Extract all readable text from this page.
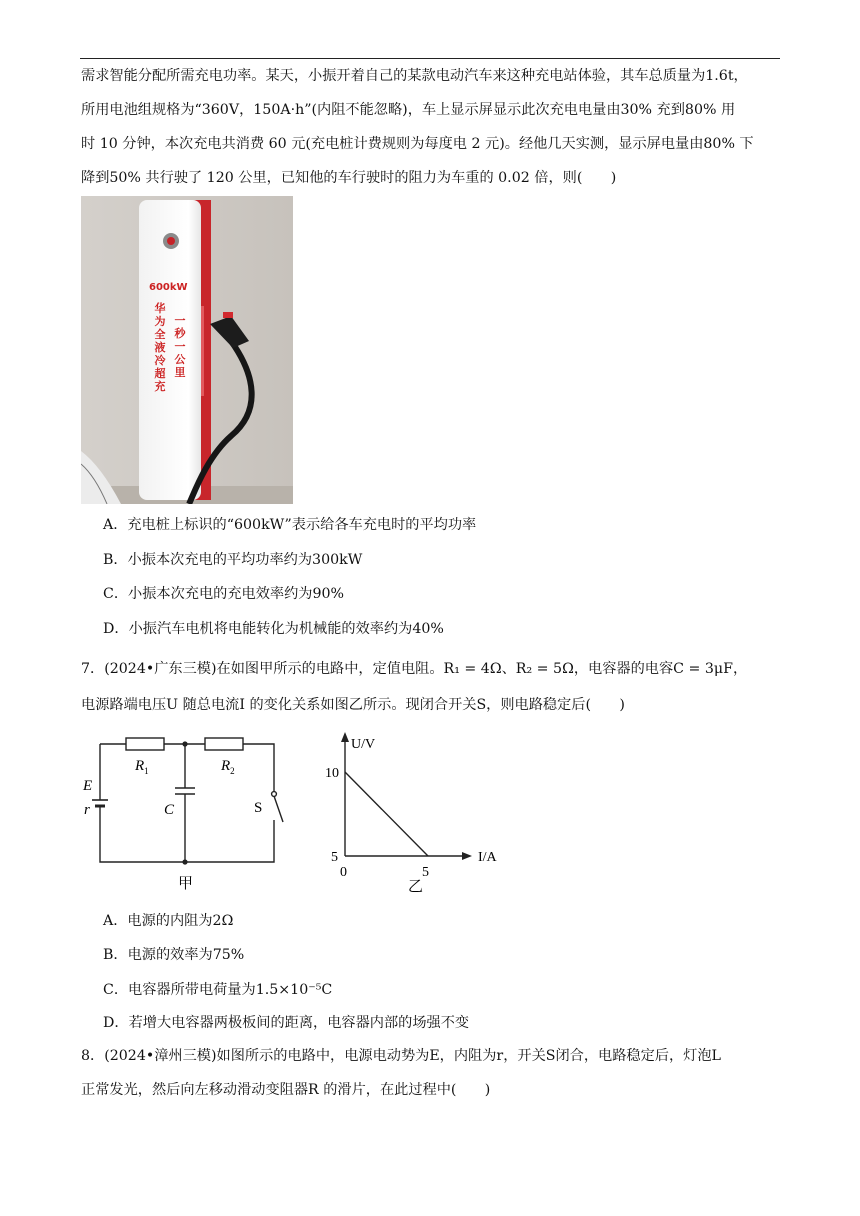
需求智能分配所需充电功率。某天，小振开着自己的某款电动汽车来这种充电站体验，其车总质量为1.6t，
所用电池组规格为“360V，150A·h”(内阻不能忽略)，车上显示屏显示此次充电电量由30% 充到80% 用
时 10 分钟，本次充电共消费 60 元(充电桩计费规则为每度电 2 元)。经他几天实测，显示屏电量由80% 下
降到50% 共行驶了 120 公里，已知他的车行驶时的阻力为车重的 0.02 倍，则(　　)
600kW
华
为
全
液
冷
超
充
一
秒
一
公
里
A．充电桩上标识的“600kW”表示给各车充电时的平均功率
B．小振本次充电的平均功率约为300kW
C．小振本次充电的充电效率约为90%
D．小振汽车电机将电能转化为机械能的效率约为40%
7．(2024•广东三模)在如图甲所示的电路中，定值电阻。R₁ = 4Ω、R₂ = 5Ω，电容器的电容C = 3μF，
电源路端电压U 随总电流I 的变化关系如图乙所示。现闭合开关S，则电路稳定后(　　)
E
r
$R_1$	$R_2$
C	S
甲
U/V
I/A
10
5
0	5
乙
A．电源的内阻为2Ω
B．电源的效率为75%
C．电容器所带电荷量为1.5×10⁻⁵C
D．若增大电容器两极板间的距离，电容器内部的场强不变
8．(2024•漳州三模)如图所示的电路中，电源电动势为E，内阻为r，开关S闭合，电路稳定后，灯泡L
正常发光，然后向左移动滑动变阻器R 的滑片，在此过程中(　　)
